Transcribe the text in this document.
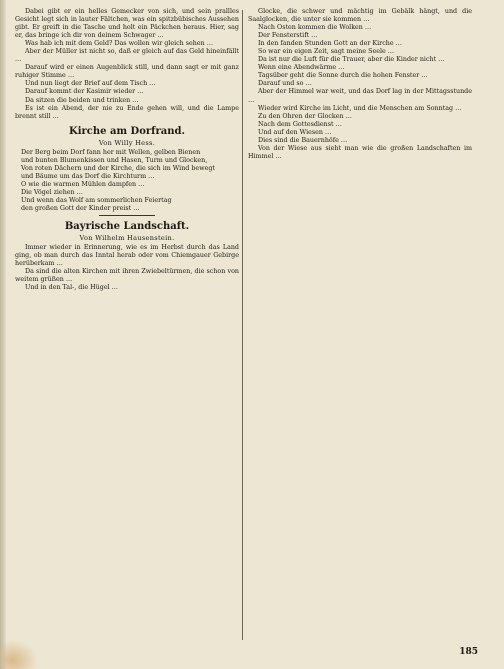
Dabei gibt er ein helles Gemecker von sich, und sein prallles Gesicht legt sich in lauter Fältchen, was ein spitzbübisches Aussehen gibt. Er greift in die Tasche und holt ein Päckchen heraus. Hier, sag er, das bringe ich dir von deinem Schwager …

Was hab ich mit dem Geld? Das wollen wir gleich sehen …

Aber der Müller ist nicht so, daß er gleich auf das Geld hineinfällt …

Darauf wird er einen Augenblick still, und dann sagt er mit ganz ruhiger Stimme …

Und nun liegt der Brief auf dem Tisch …

Darauf kommt der Kasimir wieder …

Da sitzen die beiden und trinken …

Es ist ein Abend, der nie zu Ende gehen will, und die Lampe brennt still …

Kirche am Dorfrand.
Von Willy Hess.
Der Berg beim Dorf fann her mit Wellen, gelben Bienen
und bunten Blumenkissen und Hasen, Turm und Glocken,
Von roten Dächern und der Kirche, die sich im Wind bewegt
und Bäume um das Dorf die Kirchturm …
O wie die warmen Mühlen dampfen …
Die Vögel ziehen …
Und wenn das Wolf am sommerlichen Feiertag
den großen Gott der Kinder preist …
Bayrische Landschaft.
Von Wilhelm Hausenstein.

Immer wieder in Erinnerung, wie es im Herbst durch das Land ging, ob man durch das Inntal herab oder vom Chiemgauer Gebirge herüberkam …

Da sind die alten Kirchen mit ihren Zwiebeltürmen, die schon von weitem grüßen …

Und in den Tal-, die Hügel …

Glocke, die schwer und mächtig im Gebälk hängt, und die Saalglocken, die unter sie kommen …

Nach Osten kommen die Wolken …

Der Fensterstift …

In den fanden Stunden Gott an der Kirche …

So war ein eigen Zeit, sagt meine Seele …

Da ist nur die Luft für die Trauer, aber die Kinder nicht …

Wenn eine Abendwärme …

Tagsüber geht die Sonne durch die hohen Fenster …

Darauf und so …

Aber der Himmel war weit, und das Dorf lag in der Mittagsstunde …

Wieder wird Kirche im Licht, und die Menschen am Sonntag …

Zu den Ohren der Glocken …

Nach dem Gottesdienst …

Und auf den Wiesen …

Dies sind die Bauernhöfe …

Von der Wiese aus sieht man wie die großen Landschaften im Himmel …

185
